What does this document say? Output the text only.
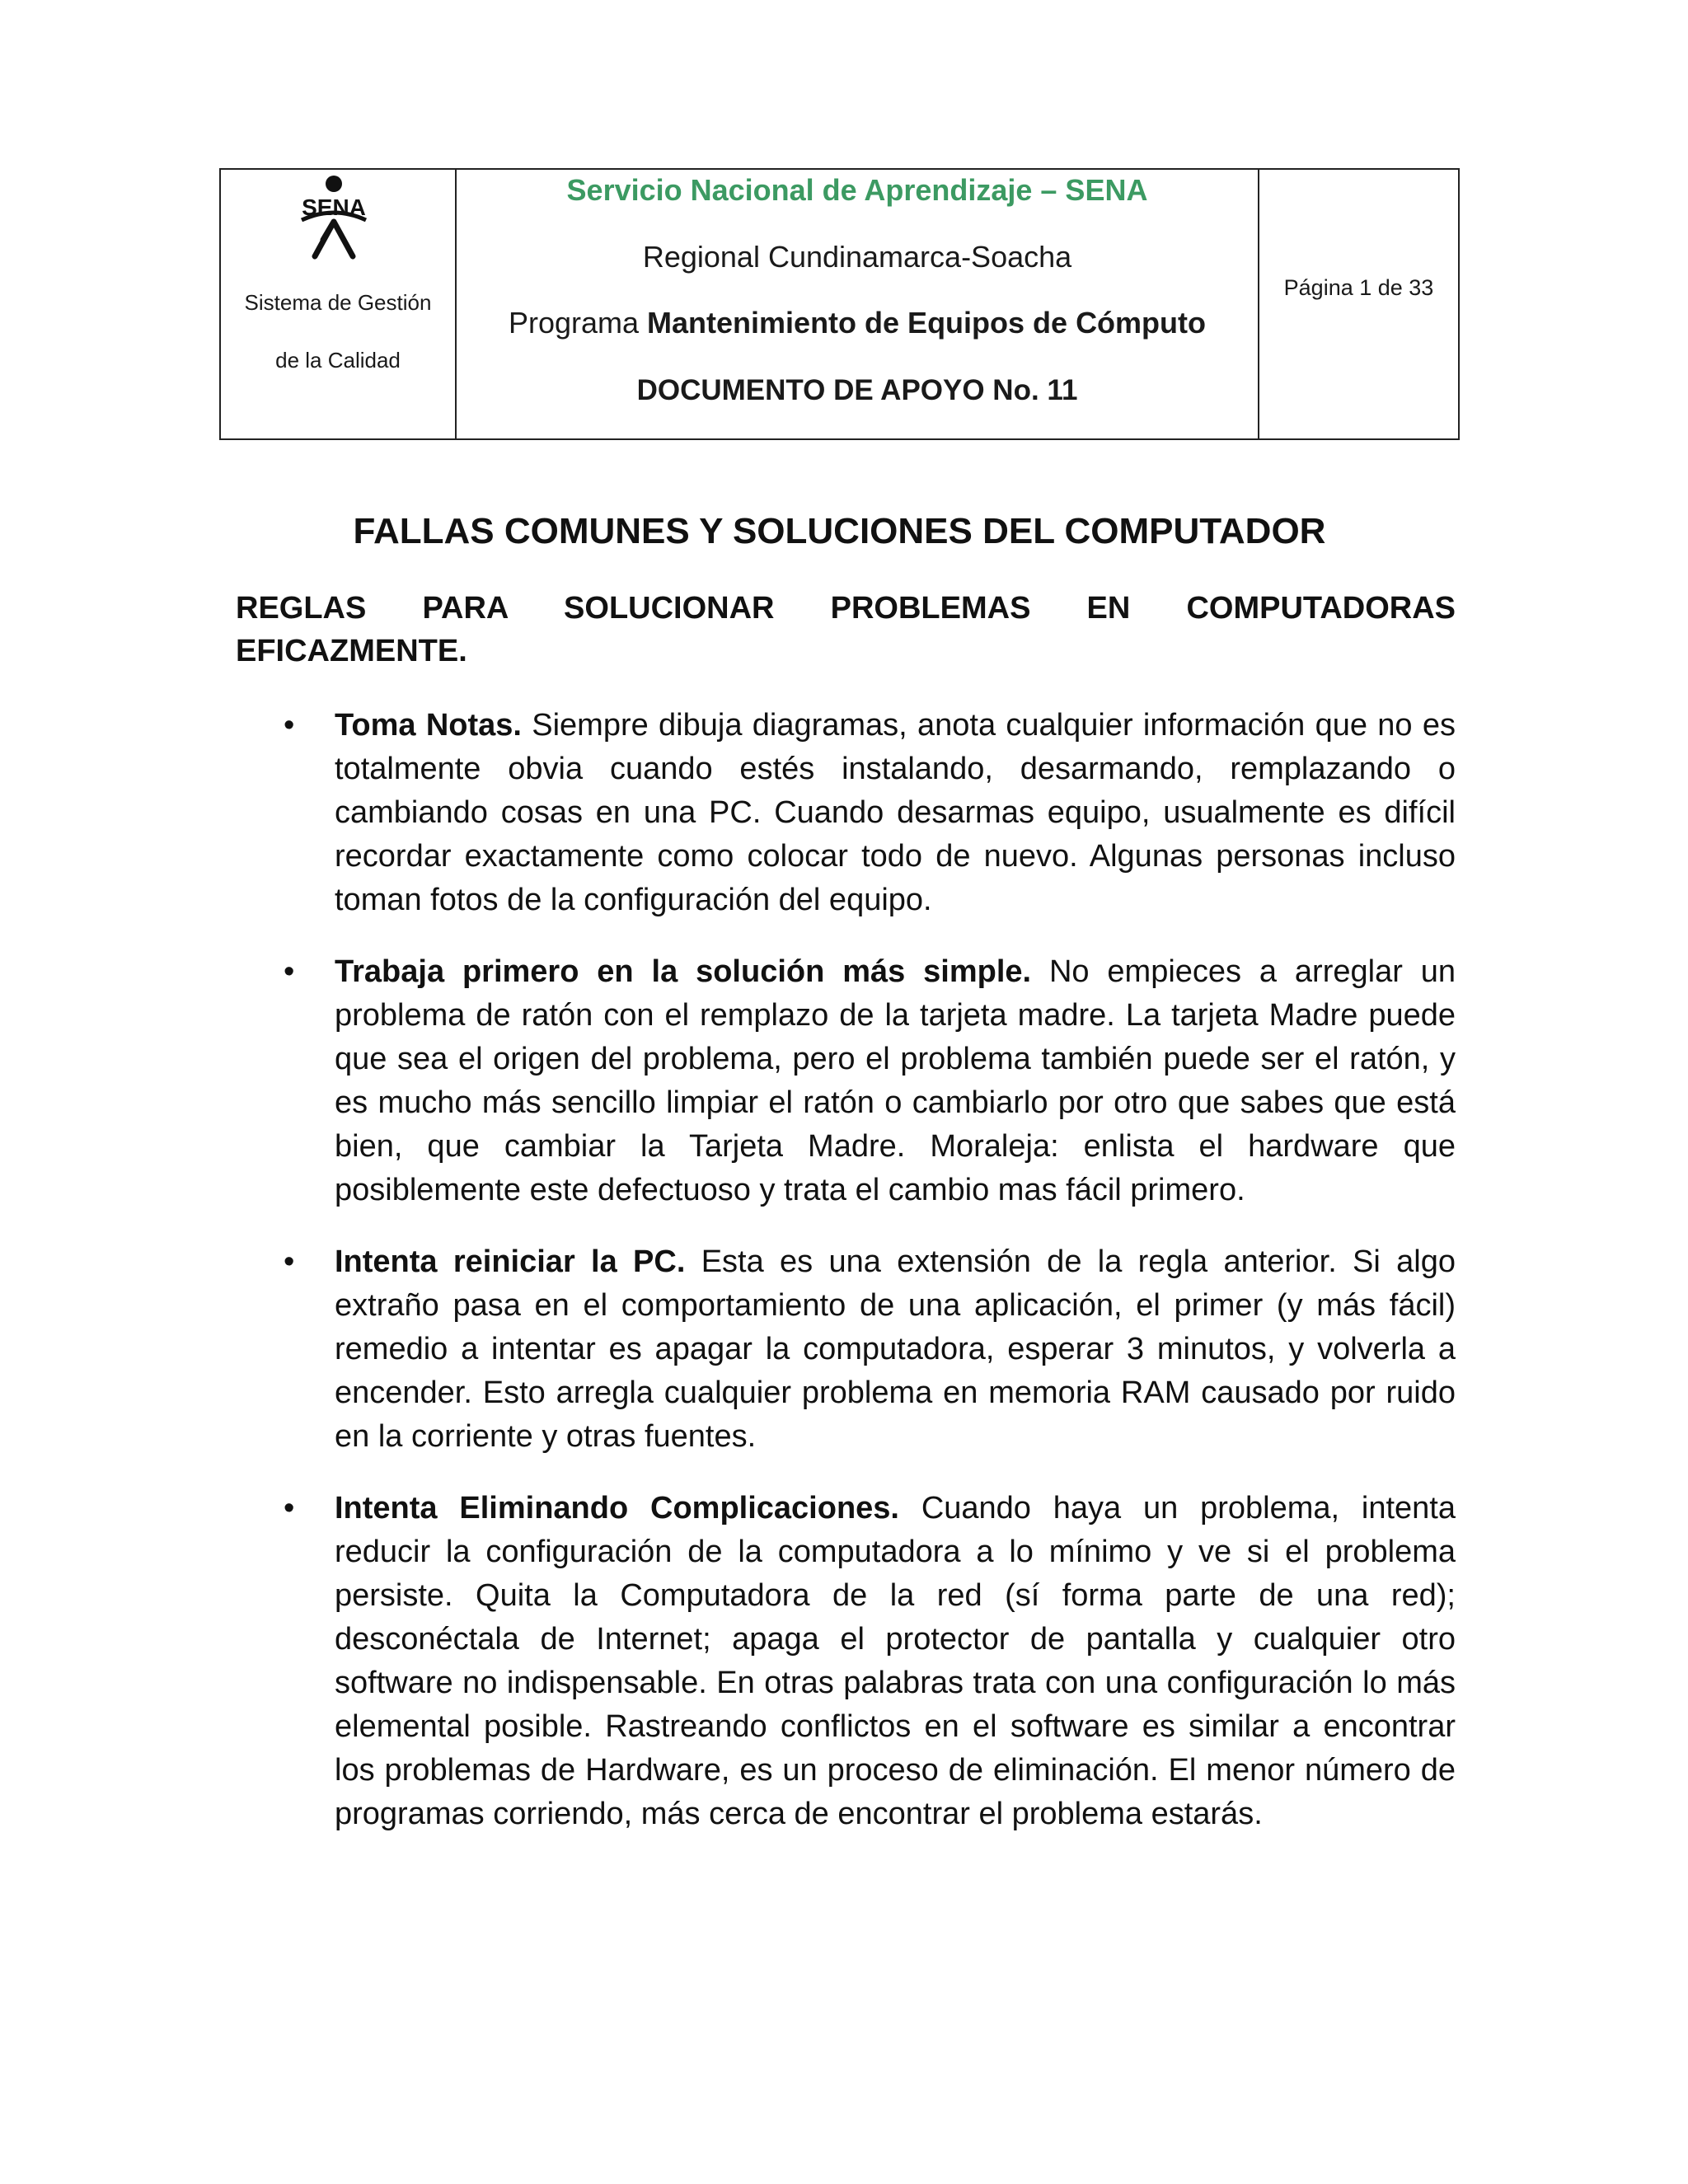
SENA
Sistema de Gestión
de la Calidad

Servicio Nacional de Aprendizaje – SENA
Regional Cundinamarca-Soacha
Programa Mantenimiento de Equipos de Cómputo
DOCUMENTO DE APOYO No. 11

Página 1 de 33
FALLAS COMUNES Y SOLUCIONES DEL COMPUTADOR
REGLAS PARA SOLUCIONAR PROBLEMAS EN COMPUTADORAS EFICAZMENTE.
• Toma Notas. Siempre dibuja diagramas, anota cualquier información que no es totalmente obvia cuando estés instalando, desarmando, remplazando o cambiando cosas en una PC. Cuando desarmas equipo, usualmente es difícil recordar exactamente como colocar todo de nuevo. Algunas personas incluso toman fotos de la configuración del equipo.
• Trabaja primero en la solución más simple. No empieces a arreglar un problema de ratón con el remplazo de la tarjeta madre. La tarjeta Madre puede que sea el origen del problema, pero el problema también puede ser el ratón, y es mucho más sencillo limpiar el ratón o cambiarlo por otro que sabes que está bien, que cambiar la Tarjeta Madre. Moraleja: enlista el hardware que posiblemente este defectuoso y trata el cambio mas fácil primero.
• Intenta reiniciar la PC. Esta es una extensión de la regla anterior. Si algo extraño pasa en el comportamiento de una aplicación, el primer (y más fácil) remedio a intentar es apagar la computadora, esperar 3 minutos, y volverla a encender. Esto arregla cualquier problema en memoria RAM causado por ruido en la corriente y otras fuentes.
• Intenta Eliminando Complicaciones. Cuando haya un problema, intenta reducir la configuración de la computadora a lo mínimo y ve si el problema persiste. Quita la Computadora de la red (sí forma parte de una red); desconéctala de Internet; apaga el protector de pantalla y cualquier otro software no indispensable. En otras palabras trata con una configuración lo más elemental posible. Rastreando conflictos en el software es similar a encontrar los problemas de Hardware, es un proceso de eliminación. El menor número de programas corriendo, más cerca de encontrar el problema estarás.
